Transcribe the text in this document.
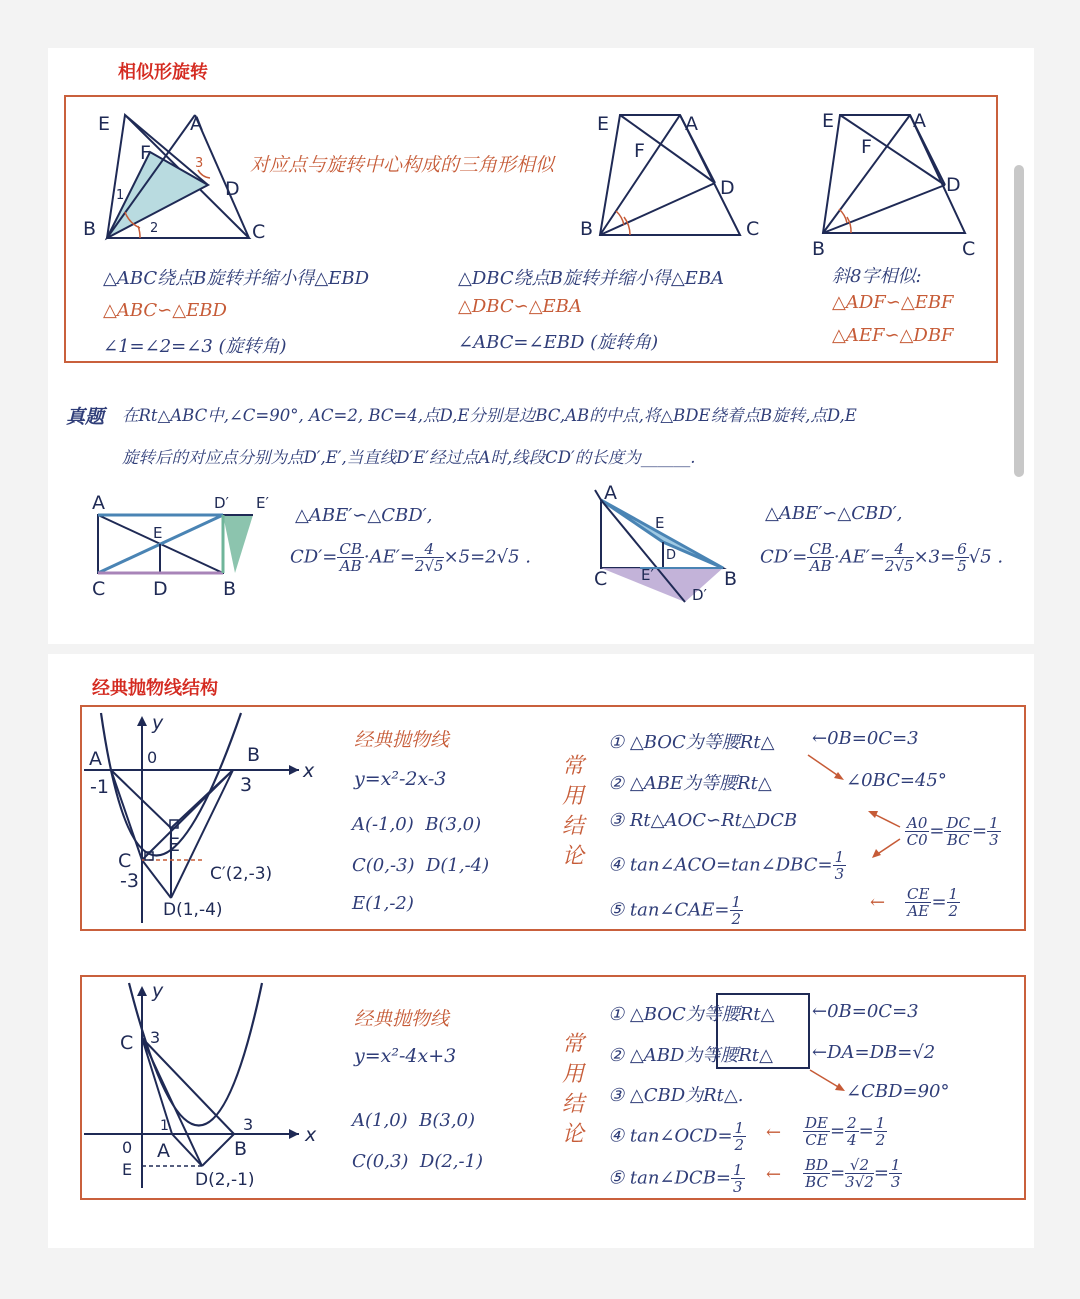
相似形旋转
E	A
F	3
D
1
B	2	C
对应点与旋转中心构成的三角形相似
E	A
F
D
B	C
E	A
F
D
B	C
△ABC绕点B旋转并缩小得△EBD
△ABC∽△EBD
∠1=∠2=∠3 (旋转角)
△DBC绕点B旋转并缩小得△EBA
△DBC∽△EBA
∠ABC=∠EBD (旋转角)
斜8字相似:
△ADF∽△EBF
△AEF∽△DBF
真题 在Rt△ABC中,∠C=90°, AC=2, BC=4,点D,E分别是边BC,AB的中点,将△BDE绕着点B旋转,点D,E
旋转后的对应点分别为点D′,E′,当直线D′E′经过点A时,线段CD′的长度为______.
A	D′ E′
E
C	D	B
△ABE′∽△CBD′,
$CD'= \frac{CB}{AB} \cdot AE'= \frac{4}{2√5} \times 5=2√5$ .
A
E
D
C E′	B
D′
△ABE′∽△CBD′,
$CD'= \frac{CB}{AB} \cdot AE'= \frac{4}{2√5} \times 3= \frac{6}{5} √5$ .
经典抛物线结构
y
x
0
A
-1
B
3
C
-3
E
C′(2,-3)
D(1,-4)
经典抛物线
y=x²-2x-3
A(-1,0)  B(3,0)
C(0,-3)  D(1,-4)
E(1,-2)
常
用
结
论
① △BOC为等腰Rt△
② △ABE为等腰Rt△
③ Rt△AOC∽Rt△DCB
④ tan∠ACO=tan∠DBC= $\frac{1}{3}$
⑤ tan∠CAE= $\frac{1}{2}$
←0B=0C=3
∠0BC=45°
$\frac{A0}{C0} = \frac{DC}{BC} = \frac{1}{3}$
← $\frac{CE}{AE} = \frac{1}{2}$
y
x
0
C 3
1
A
3
B
E
D(2,-1)
经典抛物线
y=x²-4x+3
A(1,0)  B(3,0)
C(0,3)  D(2,-1)
常
用
结
论
① △BOC为等腰Rt△
② △ABD为等腰Rt△
③ △CBD为Rt△.
④ tan∠OCD= $\frac{1}{2}$
⑤ tan∠DCB= $\frac{1}{3}$
←0B=0C=3
←DA=DB=√2
∠CBD=90°
← $\frac{DE}{CE} = \frac{2}{4} = \frac{1}{2}$
← $\frac{BD}{BC} = \frac{√2}{3√2} = \frac{1}{3}$
